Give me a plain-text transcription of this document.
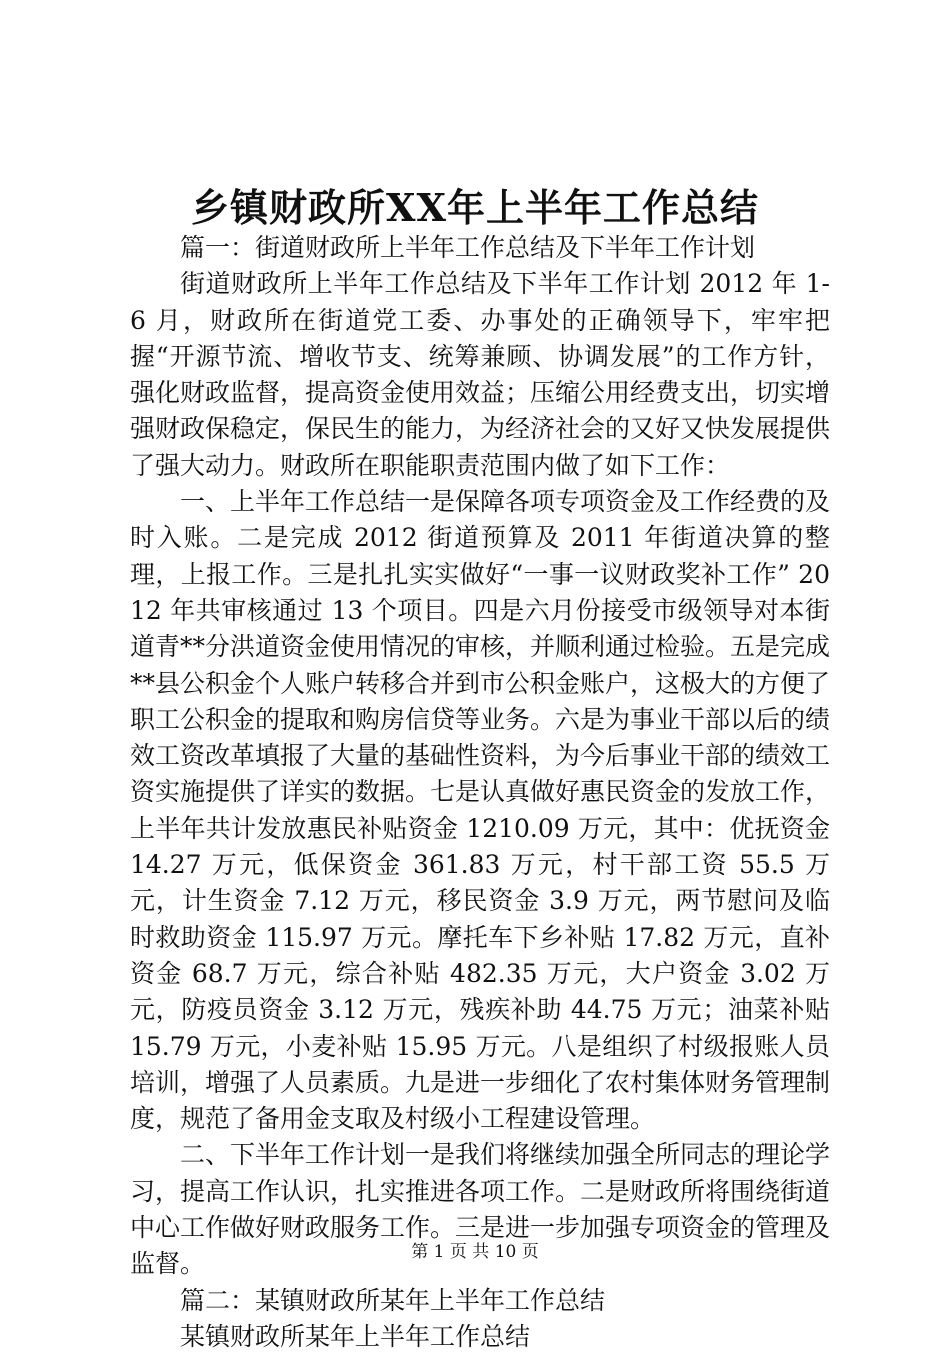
乡镇财政所XX年上半年工作总结

篇一：街道财政所上半年工作总结及下半年工作计划

街道财政所上半年工作总结及下半年工作计划 2012 年 1-6 月，财政所在街道党工委、办事处的正确领导下，牢牢把握“开源节流、增收节支、统筹兼顾、协调发展”的工作方针，强化财政监督，提高资金使用效益；压缩公用经费支出，切实增强财政保稳定，保民生的能力，为经济社会的又好又快发展提供了强大动力。财政所在职能职责范围内做了如下工作：

一、上半年工作总结一是保障各项专项资金及工作经费的及时入账。二是完成 2012 街道预算及 2011 年街道决算的整理，上报工作。三是扎扎实实做好“一事一议财政奖补工作” 2012 年共审核通过 13 个项目。四是六月份接受市级领导对本街道青**分洪道资金使用情况的审核，并顺利通过检验。五是完成**县公积金个人账户转移合并到市公积金账户，这极大的方便了职工公积金的提取和购房信贷等业务。六是为事业干部以后的绩效工资改革填报了大量的基础性资料，为今后事业干部的绩效工资实施提供了详实的数据。七是认真做好惠民资金的发放工作，上半年共计发放惠民补贴资金 1210.09 万元，其中：优抚资金 14.27 万元，低保资金 361.83 万元，村干部工资 55.5 万元，计生资金 7.12 万元，移民资金 3.9 万元，两节慰问及临时救助资金 115.97 万元。摩托车下乡补贴 17.82 万元，直补资金 68.7 万元，综合补贴 482.35 万元，大户资金 3.02 万元，防疫员资金 3.12 万元，残疾补助 44.75 万元；油菜补贴 15.79 万元，小麦补贴 15.95 万元。八是组织了村级报账人员培训，增强了人员素质。九是进一步细化了农村集体财务管理制度，规范了备用金支取及村级小工程建设管理。

二、下半年工作计划一是我们将继续加强全所同志的理论学习，提高工作认识，扎实推进各项工作。二是财政所将围绕街道中心工作做好财政服务工作。三是进一步加强专项资金的管理及监督。

篇二：某镇财政所某年上半年工作总结

某镇财政所某年上半年工作总结

第 1 页 共 10 页
